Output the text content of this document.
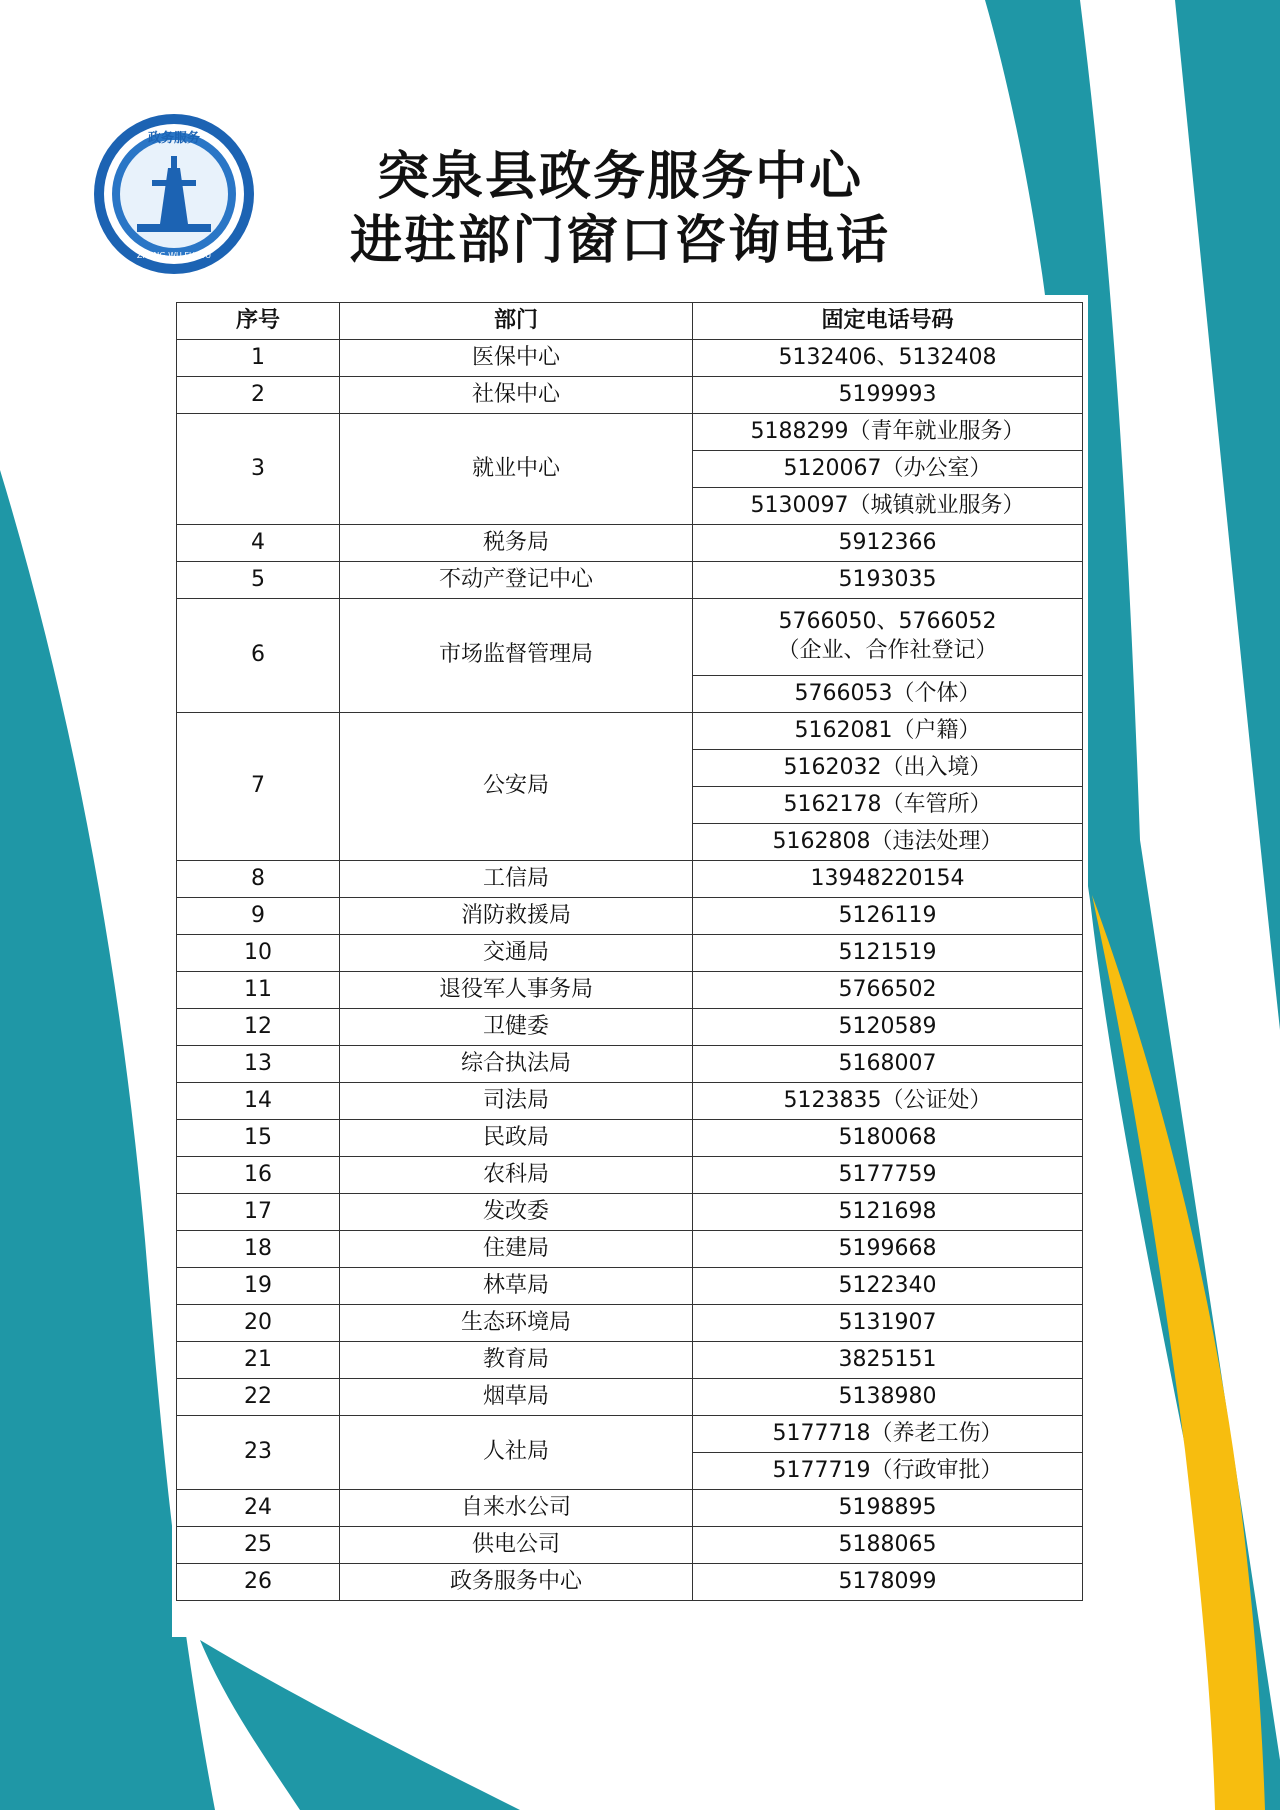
政务服务
ZHENG WU FU WU
突泉县政务服务中心
进驻部门窗口咨询电话
序号	部门	固定电话号码
1	医保中心	5132406、5132408
2	社保中心	5199993
3	就业中心	5188299（青年就业服务）
		5120067（办公室）
		5130097（城镇就业服务）
4	税务局	5912366
5	不动产登记中心	5193035
6	市场监督管理局	5766050、5766052
（企业、合作社登记）
		5766053（个体）
7	公安局	5162081（户籍）
		5162032（出入境）
		5162178（车管所）
		5162808（违法处理）
8	工信局	13948220154
9	消防救援局	5126119
10	交通局	5121519
11	退役军人事务局	5766502
12	卫健委	5120589
13	综合执法局	5168007
14	司法局	5123835（公证处）
15	民政局	5180068
16	农科局	5177759
17	发改委	5121698
18	住建局	5199668
19	林草局	5122340
20	生态环境局	5131907
21	教育局	3825151
22	烟草局	5138980
23	人社局	5177718（养老工伤）
		5177719（行政审批）
24	自来水公司	5198895
25	供电公司	5188065
26	政务服务中心	5178099
